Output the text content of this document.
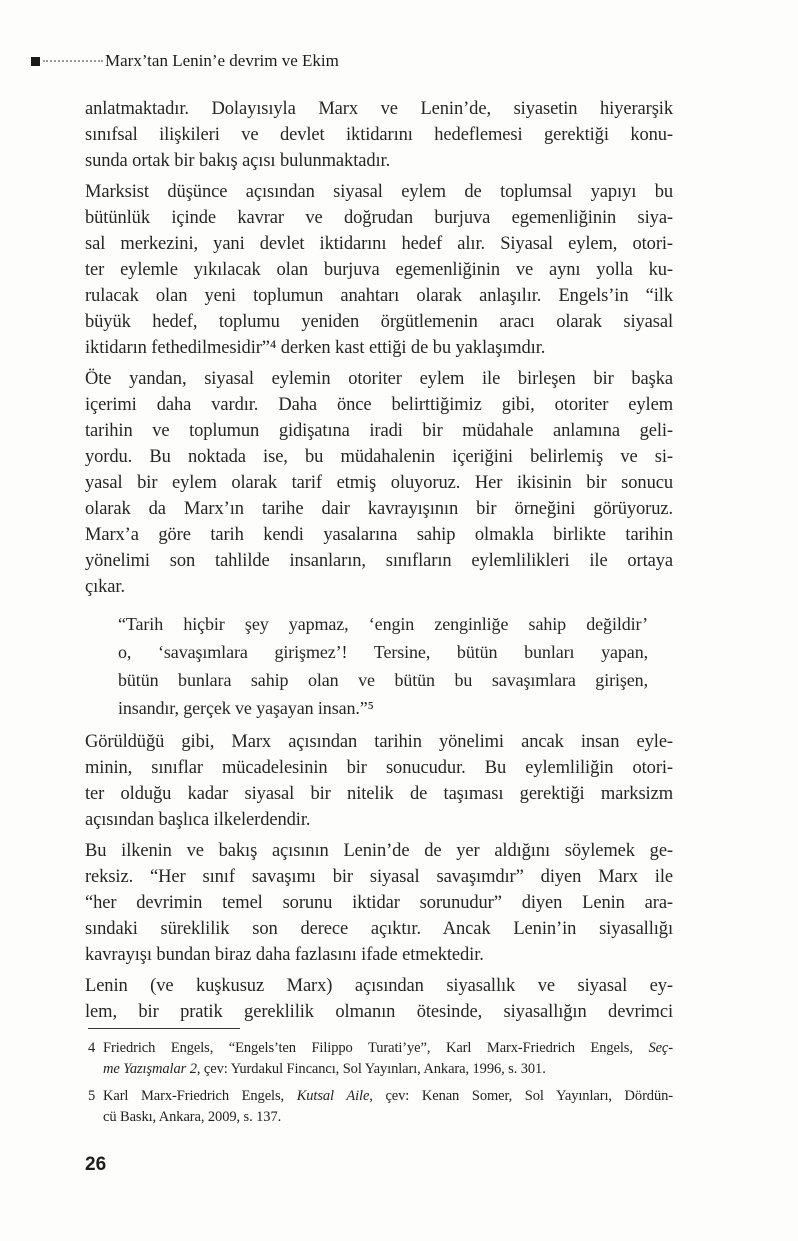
Marx’tan Lenin’e devrim ve Ekim
anlatmaktadır. Dolayısıyla Marx ve Lenin’de, siyasetin hiyerarşik
sınıfsal ilişkileri ve devlet iktidarını hedeflemesi gerektiği konu-
sunda ortak bir bakış açısı bulunmaktadır.
Marksist düşünce açısından siyasal eylem de toplumsal yapıyı bu
bütünlük içinde kavrar ve doğrudan burjuva egemenliğinin siya-
sal merkezini, yani devlet iktidarını hedef alır. Siyasal eylem, otori-
ter eylemle yıkılacak olan burjuva egemenliğinin ve aynı yolla ku-
rulacak olan yeni toplumun anahtarı olarak anlaşılır. Engels’in “ilk
büyük hedef, toplumu yeniden örgütlemenin aracı olarak siyasal
iktidarın fethedilmesidir”⁴ derken kast ettiği de bu yaklaşımdır.
Öte yandan, siyasal eylemin otoriter eylem ile birleşen bir başka
içerimi daha vardır. Daha önce belirttiğimiz gibi, otoriter eylem
tarihin ve toplumun gidişatına iradi bir müdahale anlamına geli-
yordu. Bu noktada ise, bu müdahalenin içeriğini belirlemiş ve si-
yasal bir eylem olarak tarif etmiş oluyoruz. Her ikisinin bir sonucu
olarak da Marx’ın tarihe dair kavrayışının bir örneğini görüyoruz.
Marx’a göre tarih kendi yasalarına sahip olmakla birlikte tarihin
yönelimi son tahlilde insanların, sınıfların eylemlilikleri ile ortaya
çıkar.
“Tarih hiçbir şey yapmaz, ‘engin zenginliğe sahip değildir’
o, ‘savaşımlara girişmez’! Tersine, bütün bunları yapan,
bütün bunlara sahip olan ve bütün bu savaşımlara girişen,
insandır, gerçek ve yaşayan insan.”⁵
Görüldüğü gibi, Marx açısından tarihin yönelimi ancak insan eyle-
minin, sınıflar mücadelesinin bir sonucudur. Bu eylemliliğin otori-
ter olduğu kadar siyasal bir nitelik de taşıması gerektiği marksizm
açısından başlıca ilkelerdendir.
Bu ilkenin ve bakış açısının Lenin’de de yer aldığını söylemek ge-
reksiz. “Her sınıf savaşımı bir siyasal savaşımdır” diyen Marx ile
“her devrimin temel sorunu iktidar sorunudur” diyen Lenin ara-
sındaki süreklilik son derece açıktır. Ancak Lenin’in siyasallığı
kavrayışı bundan biraz daha fazlasını ifade etmektedir.
Lenin (ve kuşkusuz Marx) açısından siyasallık ve siyasal ey-
lem, bir pratik gereklilik olmanın ötesinde, siyasallığın devrimci
4 Friedrich Engels, “Engels’ten Filippo Turati’ye”, Karl Marx-Friedrich Engels, Seç-
me Yazışmalar 2, çev: Yurdakul Fincancı, Sol Yayınları, Ankara, 1996, s. 301.
5 Karl Marx-Friedrich Engels, Kutsal Aile, çev: Kenan Somer, Sol Yayınları, Dördün-
cü Baskı, Ankara, 2009, s. 137.
26
